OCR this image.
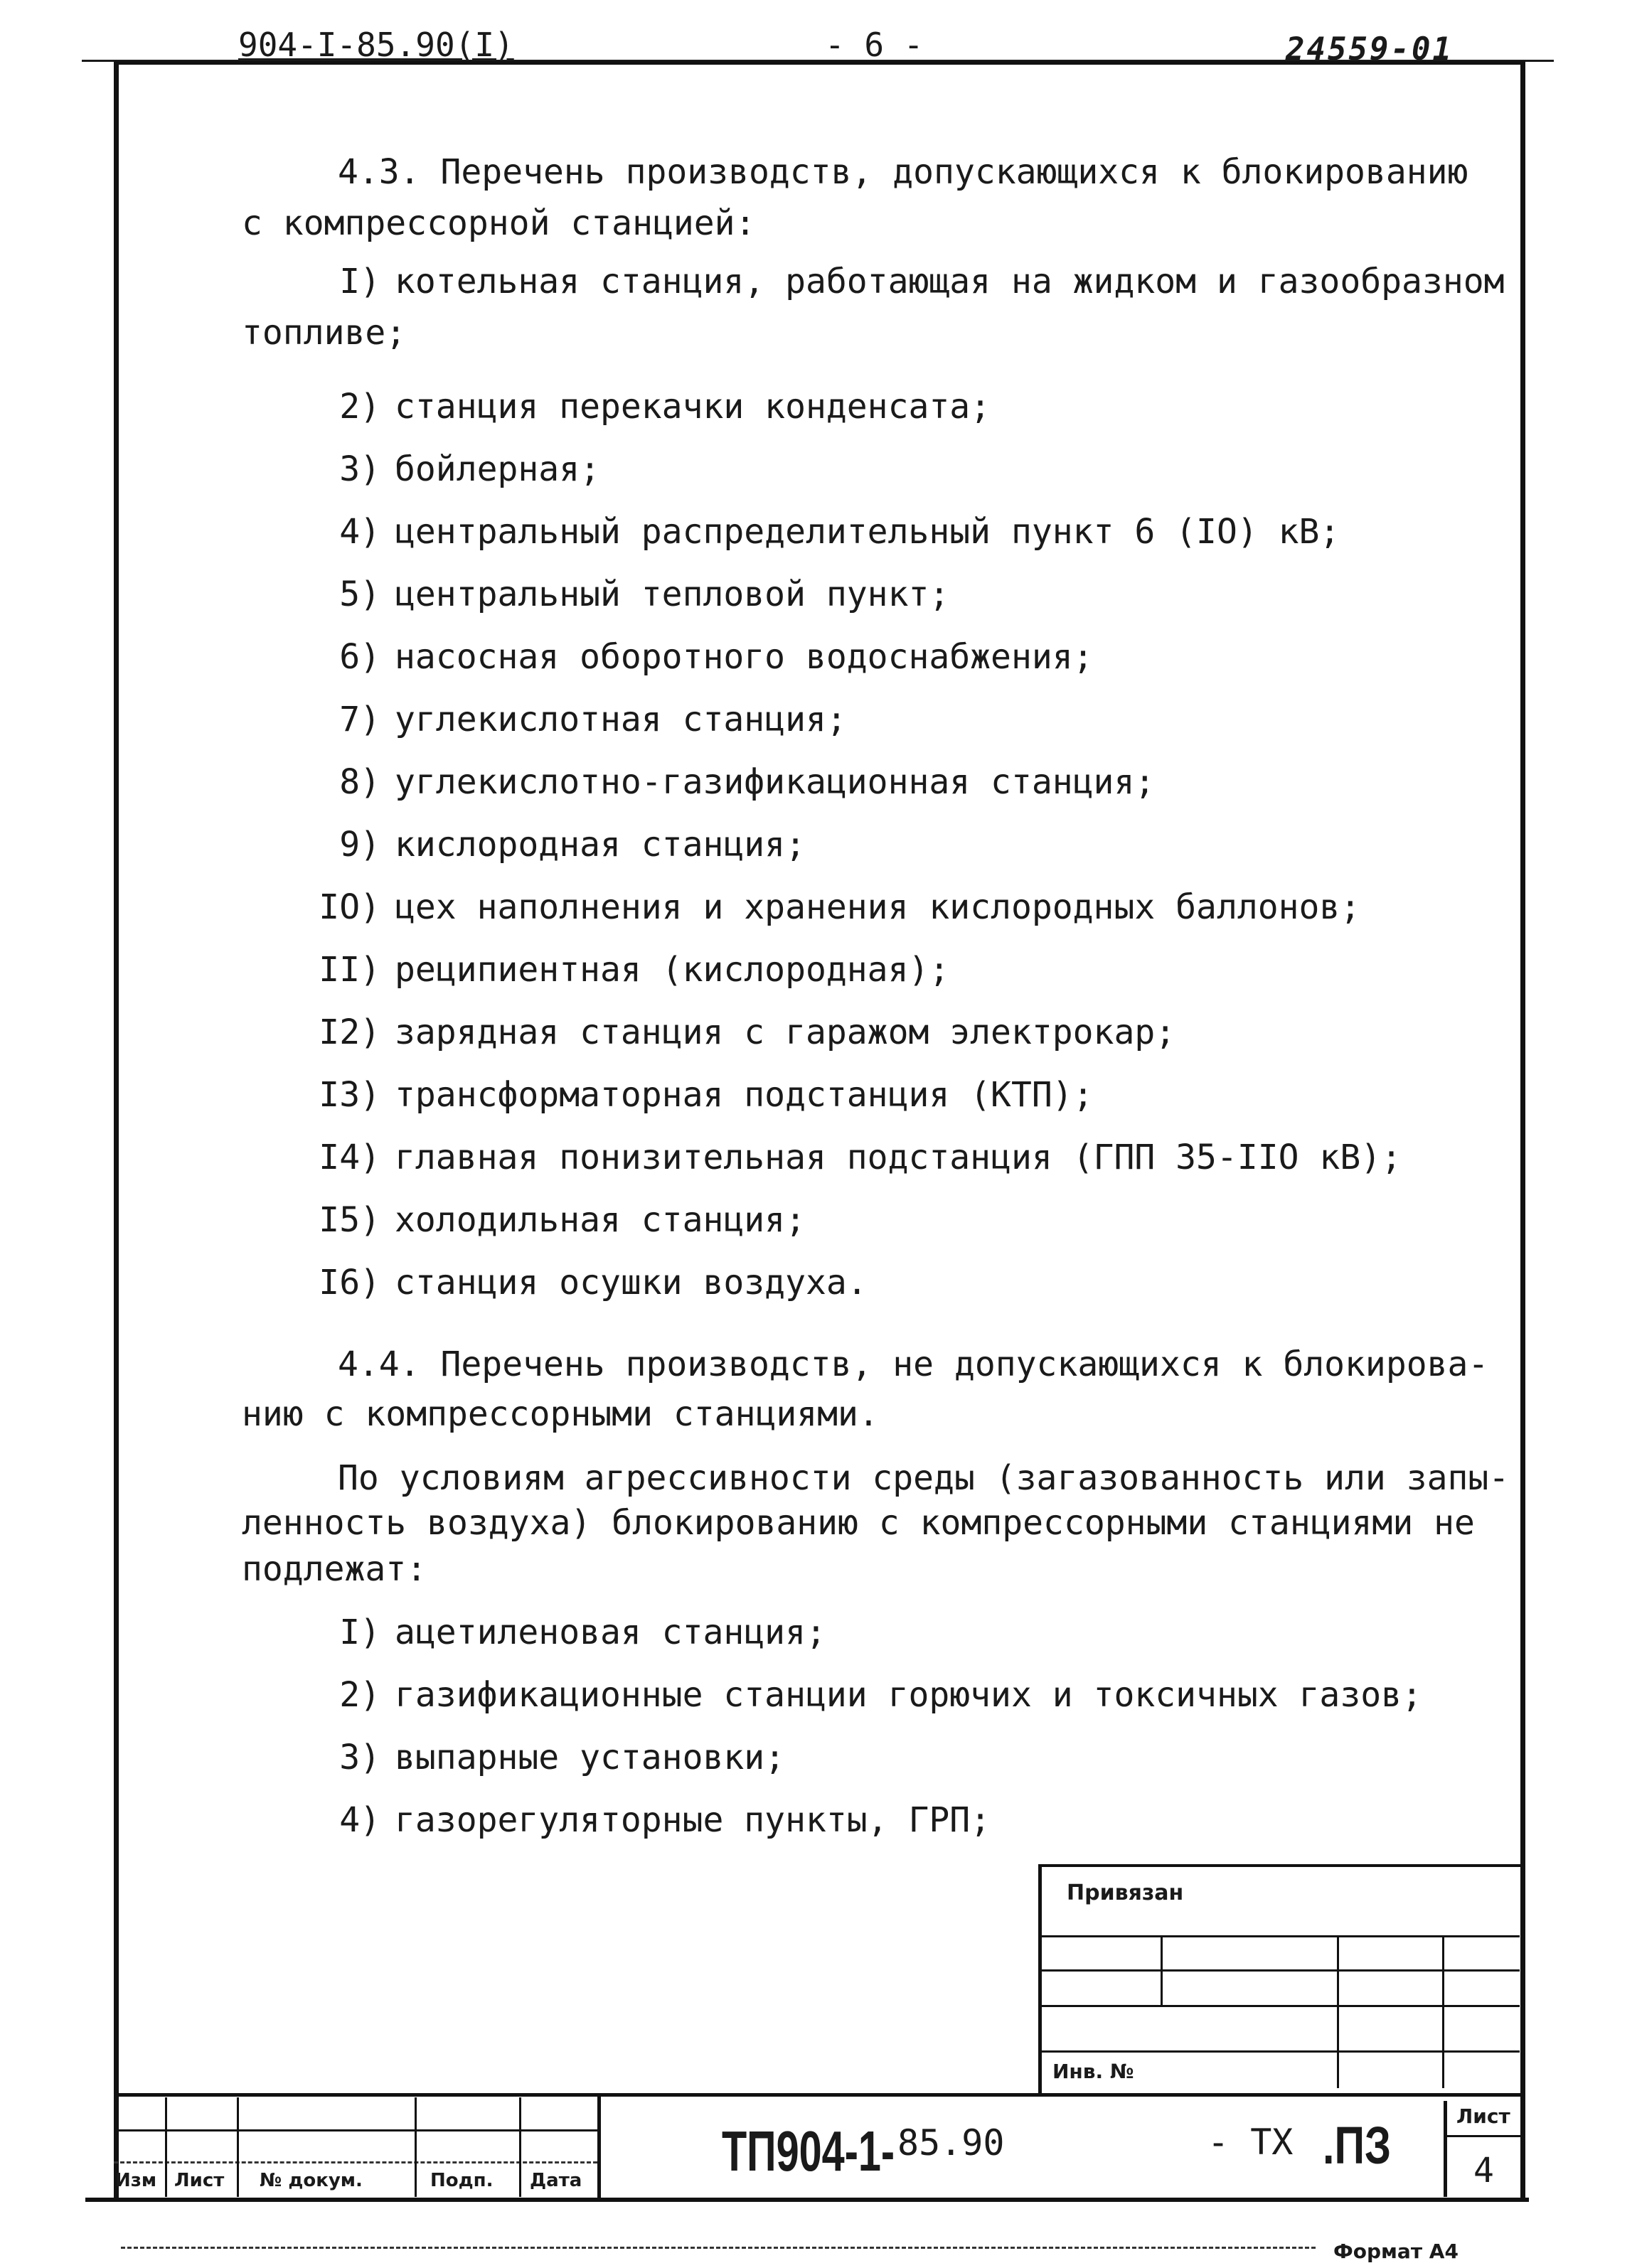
904-I-85.90(I)	- 6 -	24559-01
4.3. Перечень производств, допускающихся к блокированию
с компрессорной станцией:
I) котельная станция, работающая на жидком и газообразном
топливе;
2) станция перекачки конденсата;
3) бойлерная;
4) центральный распределительный пункт 6 (IO) кВ;
5) центральный тепловой пункт;
6) насосная оборотного водоснабжения;
7) углекислотная станция;
8) углекислотно-газификационная станция;
9) кислородная станция;
IO) цех наполнения и хранения кислородных баллонов;
II) реципиентная (кислородная);
I2) зарядная станция с гаражом электрокар;
I3) трансформаторная подстанция (КТП);
I4) главная понизительная подстанция (ГПП 35-IIO кВ);
I5) холодильная станция;
I6) станция осушки воздуха.
4.4. Перечень производств, не допускающихся к блокирова-
нию с компрессорными станциями.
По условиям агрессивности среды (загазованность или запы-
ленность воздуха) блокированию с компрессорными станциями не
подлежат:
I) ацетиленовая станция;
2) газификационные станции горючих и токсичных газов;
3) выпарные установки;
4) газорегуляторные пункты, ГРП;
Привязан
Инв. №
Изм Лист № докум.	Подп. Дата ТП904-1- 85.90	- ТХ .ПЗ	Лист
4
Формат А4
